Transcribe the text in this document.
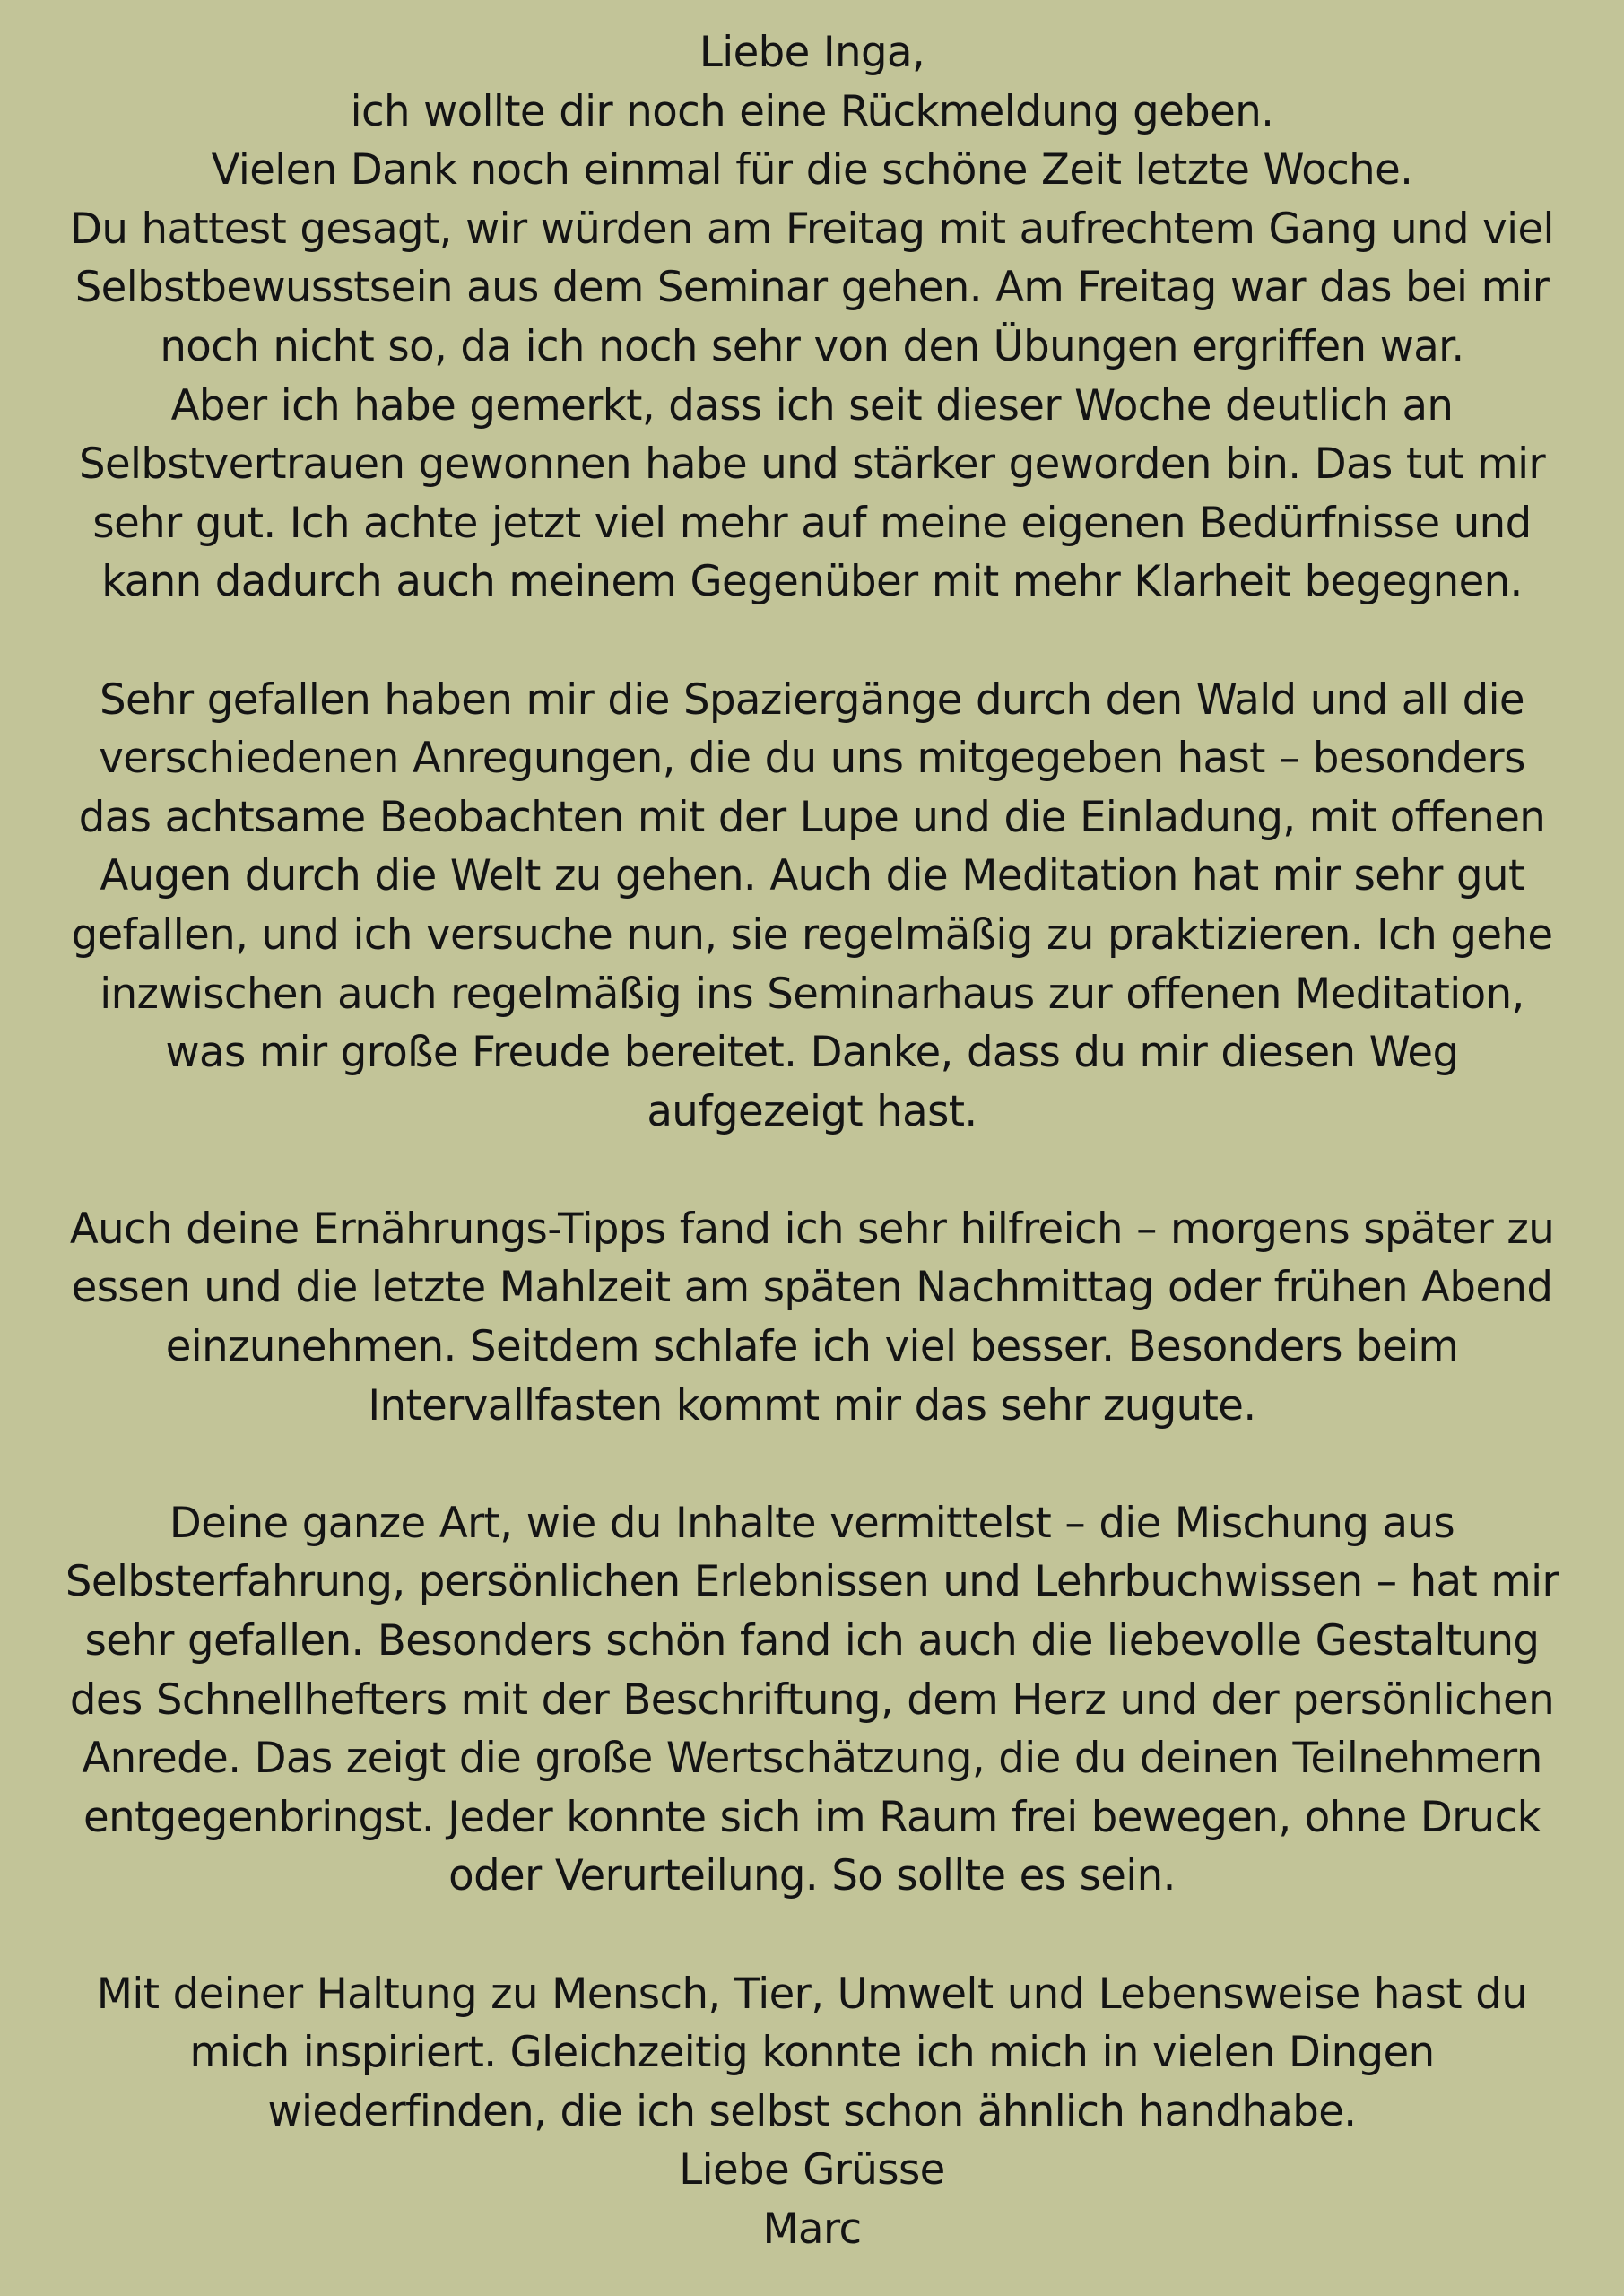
Liebe Inga,
ich wollte dir noch eine Rückmeldung geben.
Vielen Dank noch einmal für die schöne Zeit letzte Woche.
Du hattest gesagt, wir würden am Freitag mit aufrechtem Gang und viel
Selbstbewusstsein aus dem Seminar gehen. Am Freitag war das bei mir
noch nicht so, da ich noch sehr von den Übungen ergriffen war.
Aber ich habe gemerkt, dass ich seit dieser Woche deutlich an
Selbstvertrauen gewonnen habe und stärker geworden bin. Das tut mir
sehr gut. Ich achte jetzt viel mehr auf meine eigenen Bedürfnisse und
kann dadurch auch meinem Gegenüber mit mehr Klarheit begegnen.
Sehr gefallen haben mir die Spaziergänge durch den Wald und all die
verschiedenen Anregungen, die du uns mitgegeben hast – besonders
das achtsame Beobachten mit der Lupe und die Einladung, mit offenen
Augen durch die Welt zu gehen. Auch die Meditation hat mir sehr gut
gefallen, und ich versuche nun, sie regelmäßig zu praktizieren. Ich gehe
inzwischen auch regelmäßig ins Seminarhaus zur offenen Meditation,
was mir große Freude bereitet. Danke, dass du mir diesen Weg
aufgezeigt hast.
Auch deine Ernährungs-Tipps fand ich sehr hilfreich – morgens später zu
essen und die letzte Mahlzeit am späten Nachmittag oder frühen Abend
einzunehmen. Seitdem schlafe ich viel besser. Besonders beim
Intervallfasten kommt mir das sehr zugute.
Deine ganze Art, wie du Inhalte vermittelst – die Mischung aus
Selbsterfahrung, persönlichen Erlebnissen und Lehrbuchwissen – hat mir
sehr gefallen. Besonders schön fand ich auch die liebevolle Gestaltung
des Schnellhefters mit der Beschriftung, dem Herz und der persönlichen
Anrede. Das zeigt die große Wertschätzung, die du deinen Teilnehmern
entgegenbringst. Jeder konnte sich im Raum frei bewegen, ohne Druck
oder Verurteilung. So sollte es sein.
Mit deiner Haltung zu Mensch, Tier, Umwelt und Lebensweise hast du
mich inspiriert. Gleichzeitig konnte ich mich in vielen Dingen
wiederfinden, die ich selbst schon ähnlich handhabe.
Liebe Grüsse
Marc
